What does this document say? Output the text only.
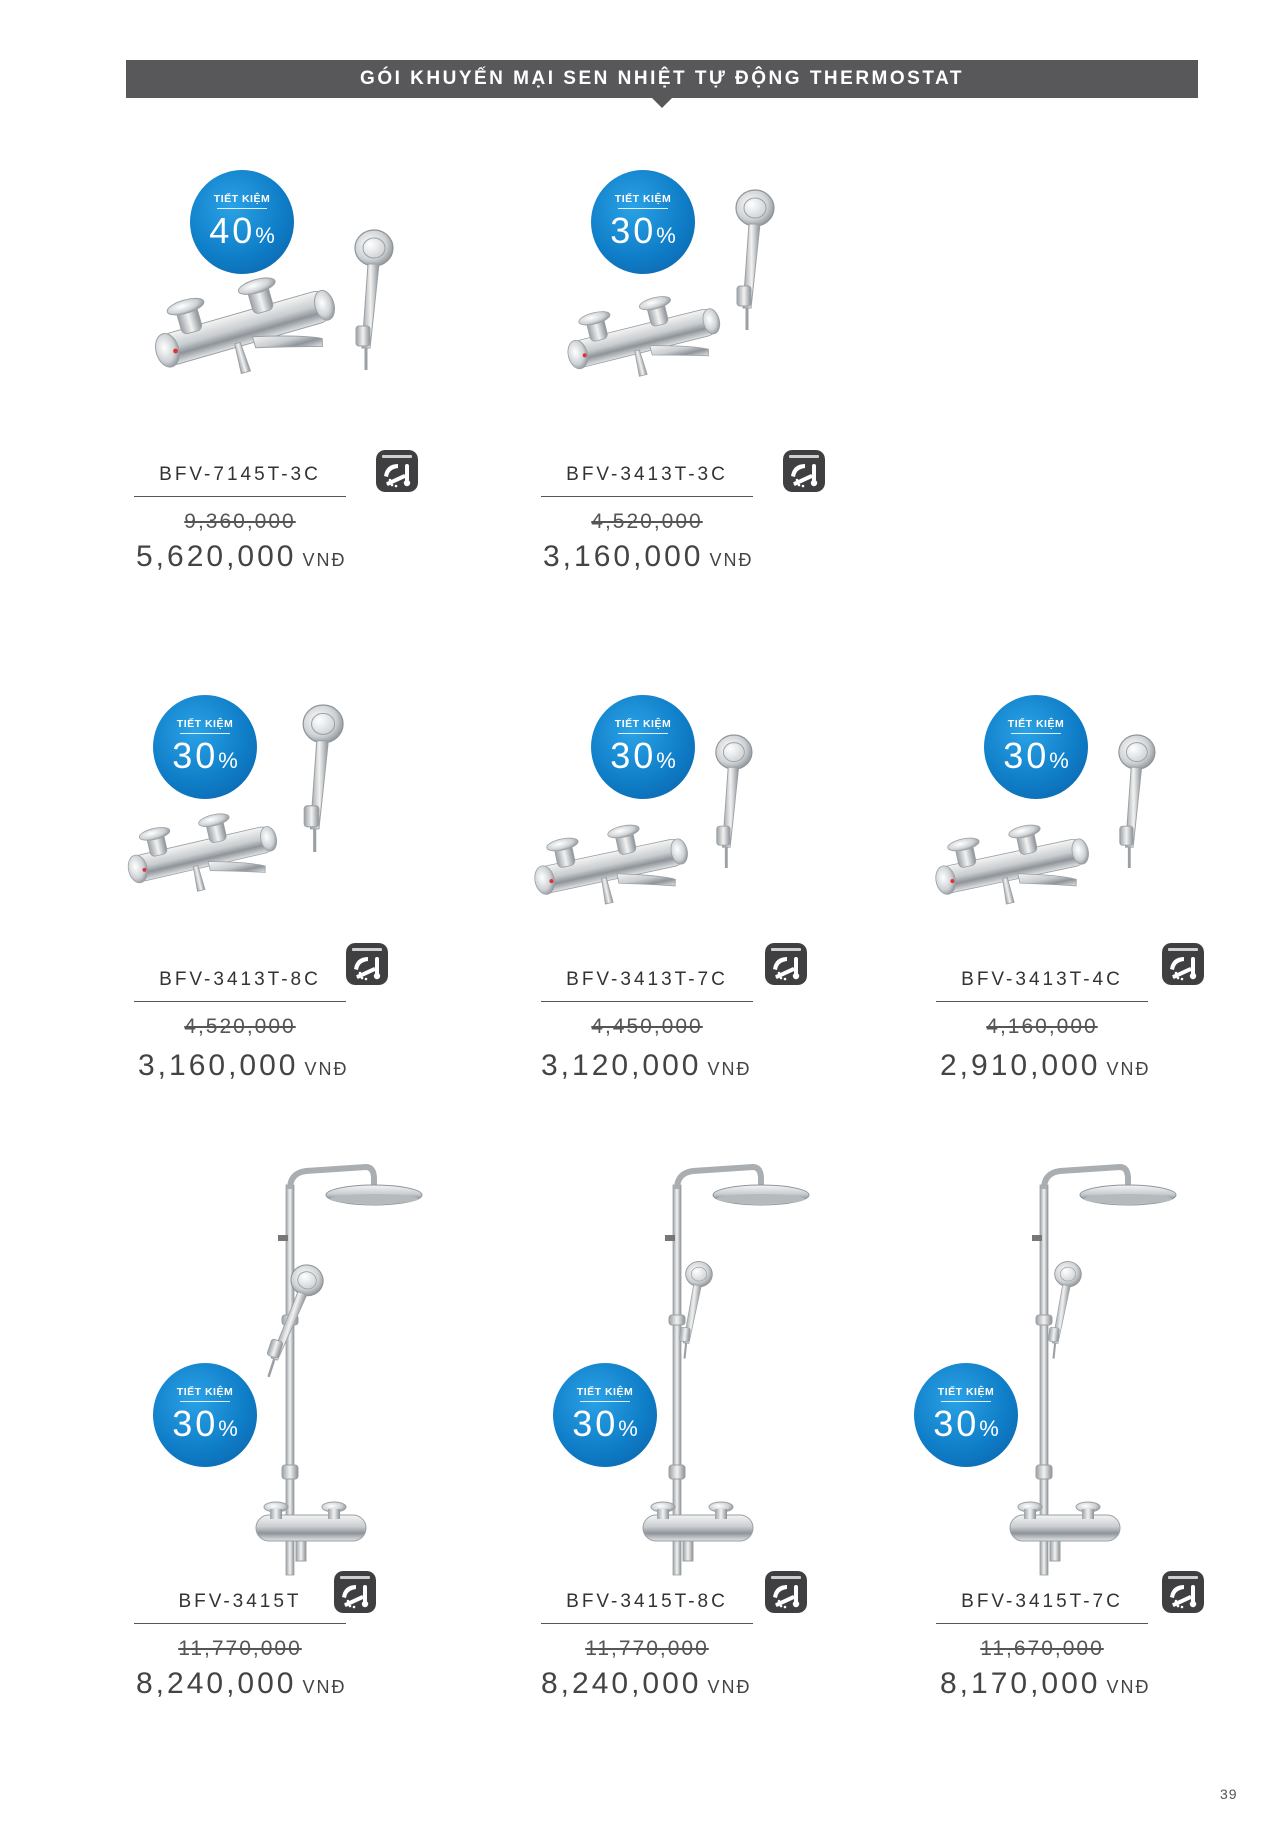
GÓI KHUYẾN MẠI SEN NHIỆT TỰ ĐỘNG THERMOSTAT
TIẾT KIỆM
40%
BFV-7145T-3C
9,360,000
5,620,000 VNĐ
TIẾT KIỆM
30%
BFV-3413T-3C
4,520,000
3,160,000 VNĐ
TIẾT KIỆM
30%
BFV-3413T-8C
4,520,000
3,160,000 VNĐ
TIẾT KIỆM
30%
BFV-3413T-7C
4,450,000
3,120,000 VNĐ
TIẾT KIỆM
30%
BFV-3413T-4C
4,160,000
2,910,000 VNĐ
TIẾT KIỆM
30%
BFV-3415T
11,770,000
8,240,000 VNĐ
TIẾT KIỆM
30%
BFV-3415T-8C
11,770,000
8,240,000 VNĐ
TIẾT KIỆM
30%
BFV-3415T-7C
11,670,000
8,170,000 VNĐ
39
